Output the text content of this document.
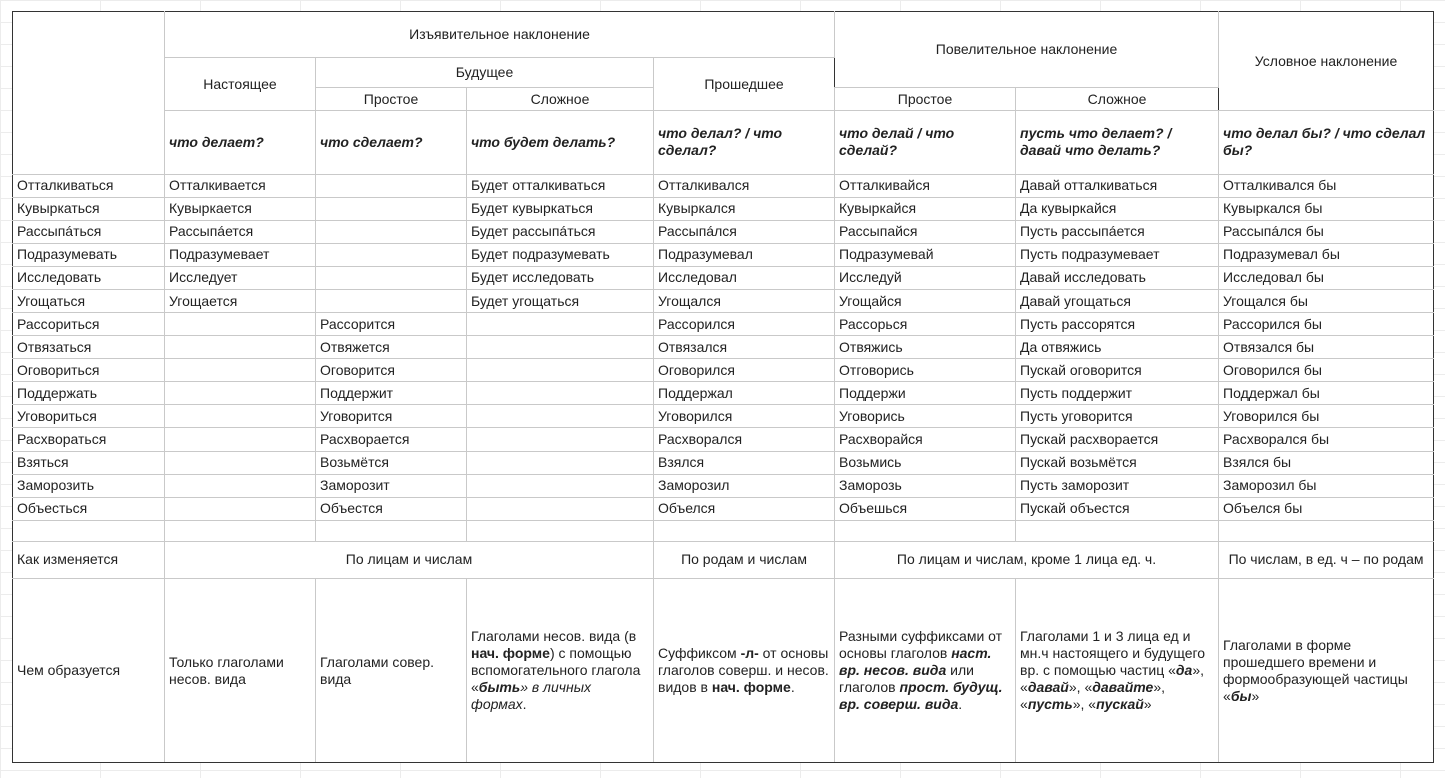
	Изъявительное наклонение				Повелительное наклонение		Условное наклонение
	Настоящее	Будущее		Прошедшее			
		Простое	Сложное		Простое	Сложное	
	что делает?	что сделает?	что будет делать?	что делал? / что сделал?	что делай / что сделай?	пусть что делает? / давай что делать?	что делал бы? / что сделал бы?
Отталкиваться	Отталкивается		Будет отталкиваться	Отталкивался	Отталкивайся	Давай отталкиваться	Отталкивался бы
Кувыркаться	Кувыркается		Будет кувыркаться	Кувыркался	Кувыркайся	Да кувыркайся	Кувыркался бы
Рассыпáться	Рассыпáется		Будет рассыпáться	Рассыпáлся	Рассыпайся	Пусть рассыпáется	Рассыпáлся бы
Подразумевать	Подразумевает		Будет подразумевать	Подразумевал	Подразумевай	Пусть подразумевает	Подразумевал бы
Исследовать	Исследует		Будет исследовать	Исследовал	Исследуй	Давай исследовать	Исследовал бы
Угощаться	Угощается		Будет угощаться	Угощался	Угощайся	Давай угощаться	Угощался бы
Рассориться		Рассорится		Рассорился	Рассорься	Пусть рассорятся	Рассорился бы
Отвязаться		Отвяжется		Отвязался	Отвяжись	Да отвяжись	Отвязался бы
Оговориться		Оговорится		Оговорился	Отговорись	Пускай оговорится	Оговорился бы
Поддержать		Поддержит		Поддержал	Поддержи	Пусть поддержит	Поддержал бы
Уговориться		Уговорится		Уговорился	Уговорись	Пусть уговорится	Уговорился бы
Расхвораться		Расхворается		Расхворался	Расхворайся	Пускай расхворается	Расхворался бы
Взяться		Возьмётся		Взялся	Возьмись	Пускай возьмётся	Взялся бы
Заморозить		Заморозит		Заморозил	Заморозь	Пусть заморозит	Заморозил бы
Объесться		Объестся		Объелся	Объешься	Пускай объестся	Объелся бы

Как изменяется	По лицам и числам			По родам и числам	По лицам и числам, кроме 1 лица ед. ч.		По числам, в ед. ч – по родам
Чем образуется	Только глаголами несов. вида	Глаголами совер. вида	Глаголами несов. вида (в нач. форме) с помощью вспомогательного глагола «быть» в личных формах.	Суффиксом -л- от основы глаголов соверш. и несов. видов в нач. форме.	Разными суффиксами от основы глаголов наст. вр. несов. вида или глаголов прост. будущ. вр. соверш. вида.	Глаголами 1 и 3 лица ед и мн.ч настоящего и будущего вр. с помощью частиц «да», «давай», «давайте», «пусть», «пускай»	Глаголами в форме прошедшего времени и формообразующей частицы «бы»
